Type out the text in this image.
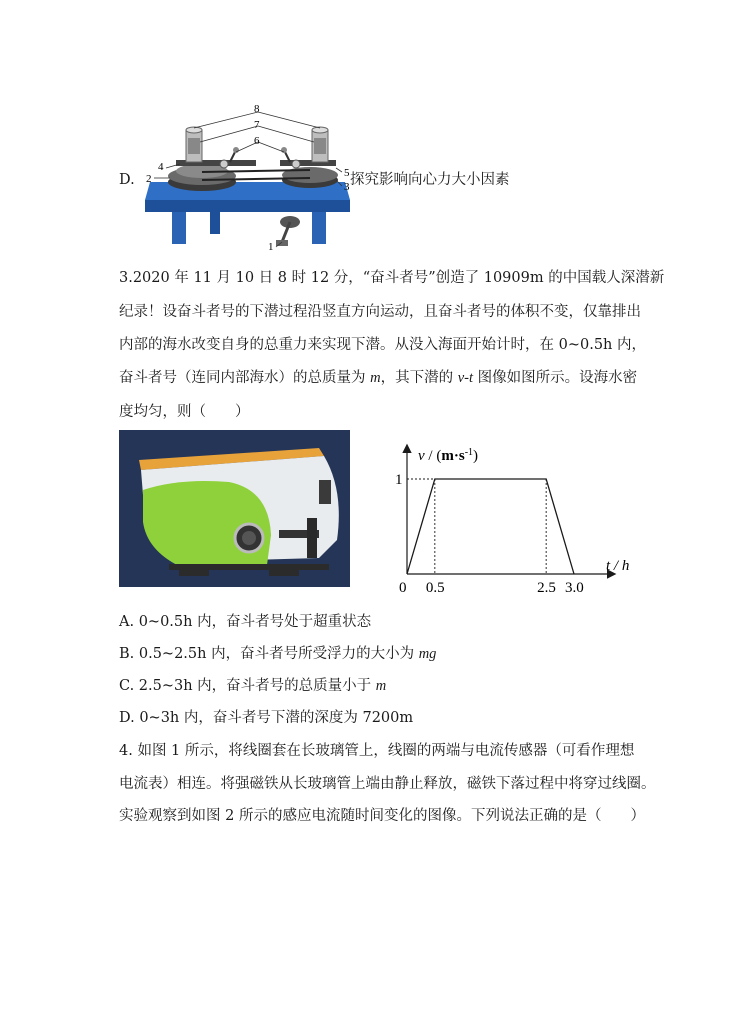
D.
8
7
6
5
4
3
2
1
探究影响向心力大小因素
3.2020 年 11 月 10 日 8 时 12 分，“奋斗者号”创造了 10909m 的中国载人深潜新
纪录！设奋斗者号的下潜过程沿竖直方向运动，且奋斗者号的体积不变，仅靠排出
内部的海水改变自身的总重力来实现下潜。从没入海面开始计时，在 0~0.5h 内，
奋斗者号（连同内部海水）的总质量为 m，其下潜的 v-t 图像如图所示。设海水密
度均匀，则（　　）
0 0.5	2.5 3.0
1
$v / (m\cdot s^{-1})$
t / h
A. 0~0.5h 内，奋斗者号处于超重状态
B. 0.5~2.5h 内，奋斗者号所受浮力的大小为 mg
C. 2.5~3h 内，奋斗者号的总质量小于 m
D. 0~3h 内，奋斗者号下潜的深度为 7200m
4. 如图 1 所示，将线圈套在长玻璃管上，线圈的两端与电流传感器（可看作理想
电流表）相连。将强磁铁从长玻璃管上端由静止释放，磁铁下落过程中将穿过线圈。
实验观察到如图 2 所示的感应电流随时间变化的图像。下列说法正确的是（　　）
